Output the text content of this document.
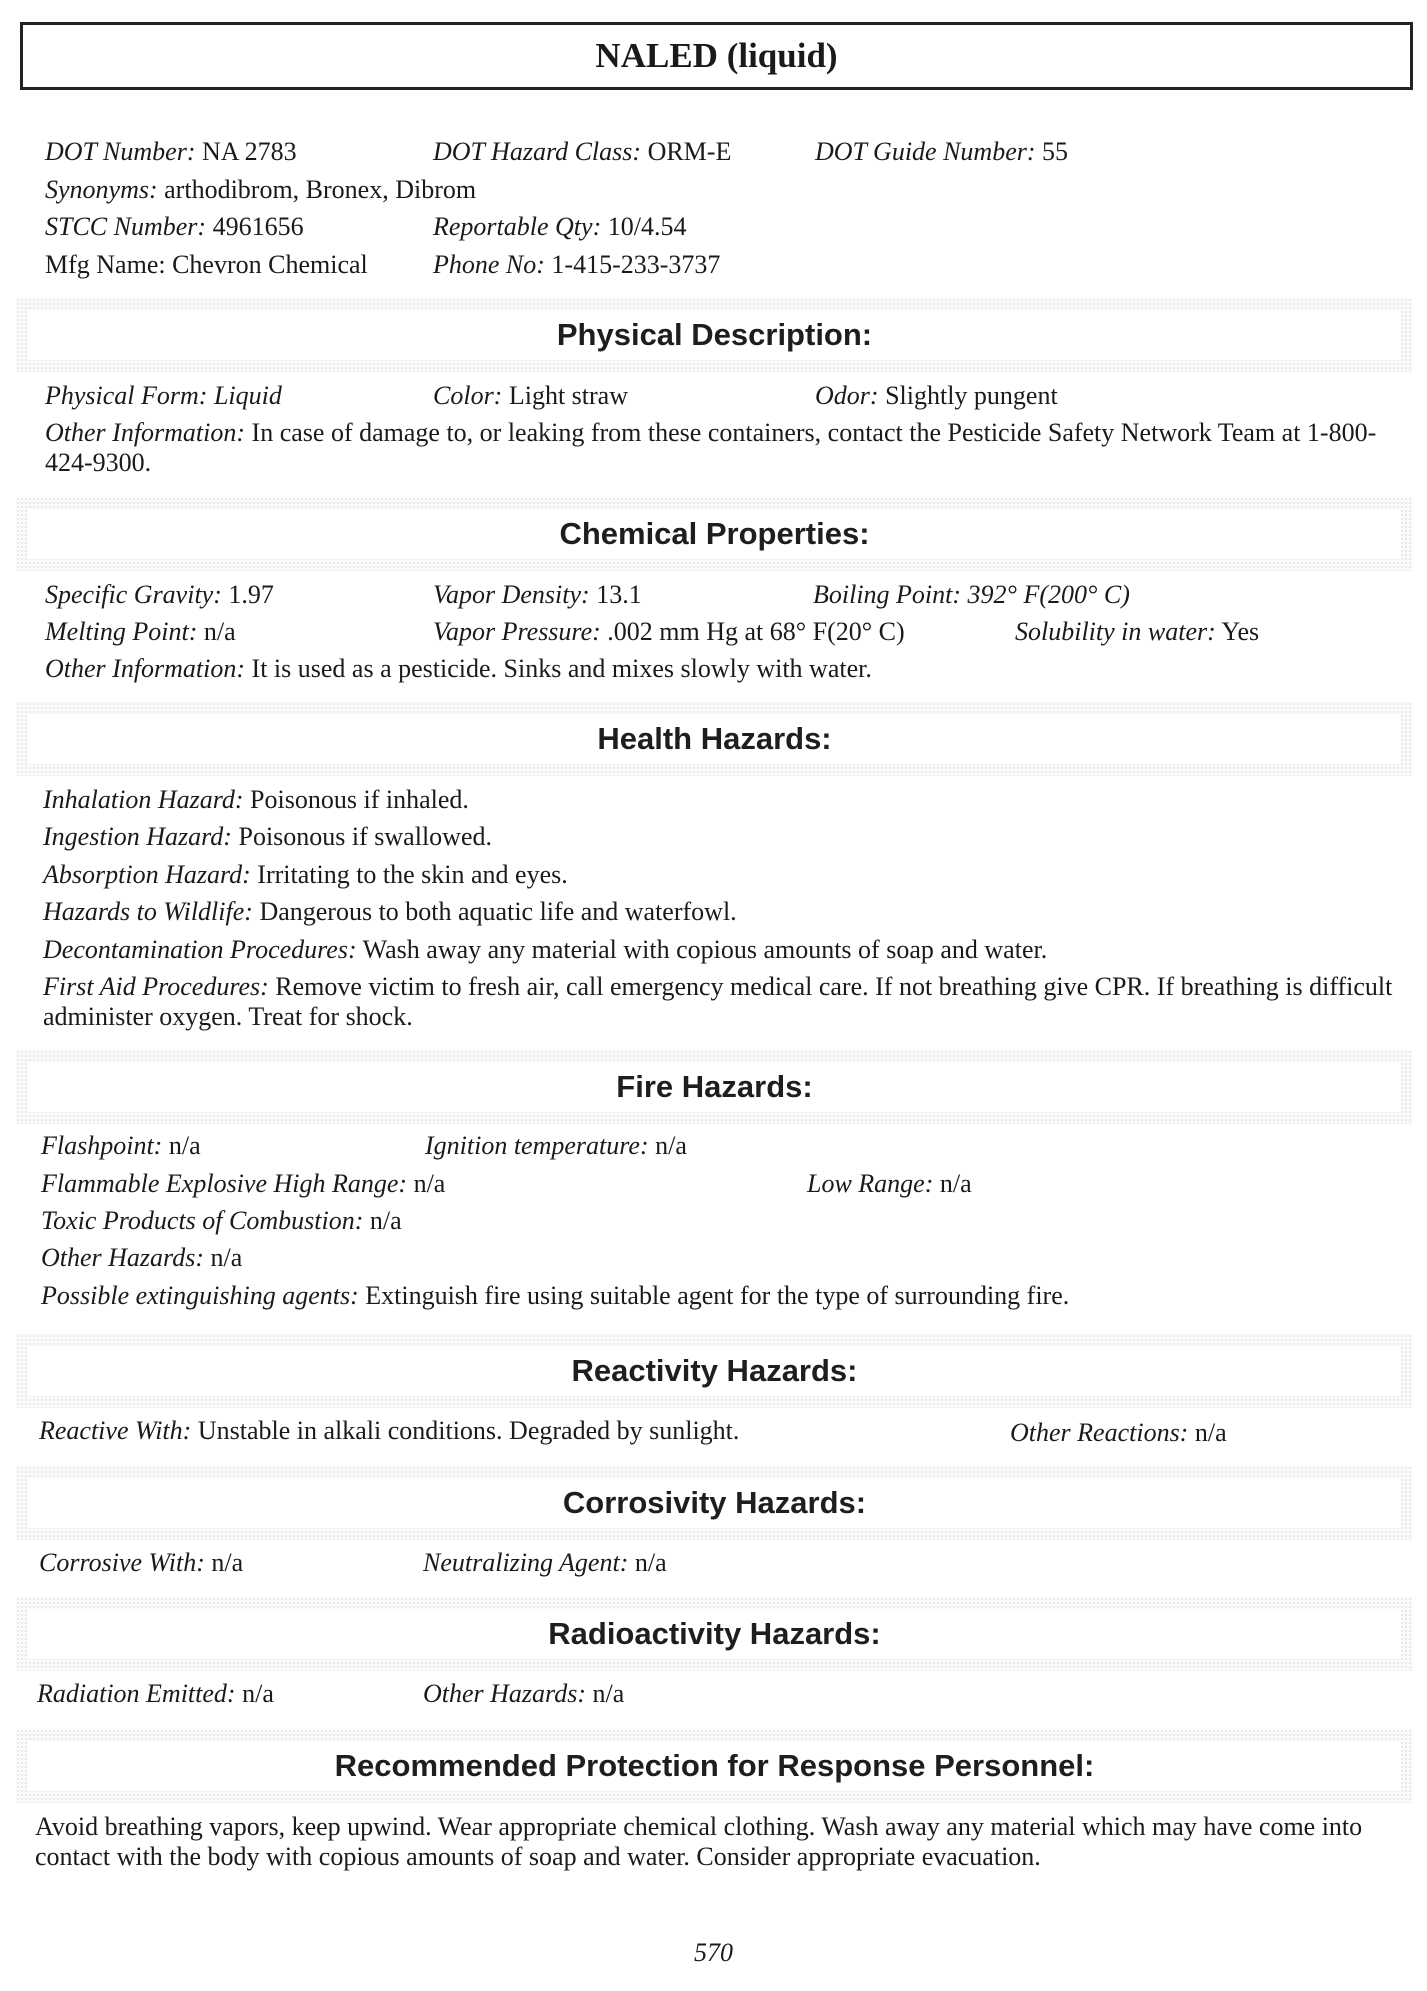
NALED (liquid)
DOT Number: NA 2783	DOT Hazard Class: ORM-E	DOT Guide Number: 55
Synonyms: arthodibrom, Bronex, Dibrom
STCC Number: 4961656	Reportable Qty: 10/4.54
Mfg Name: Chevron Chemical	Phone No: 1-415-233-3737
Physical Description:
Physical Form: Liquid	Color: Light straw	Odor: Slightly pungent
Other Information: In case of damage to, or leaking from these containers, contact the Pesticide Safety Network Team at 1-800-424-9300.
Chemical Properties:
Specific Gravity: 1.97	Vapor Density: 13.1	Boiling Point: 392° F(200° C)
Melting Point: n/a	Vapor Pressure: .002 mm Hg at 68° F(20° C)	Solubility in water: Yes
Other Information: It is used as a pesticide. Sinks and mixes slowly with water.
Health Hazards:
Inhalation Hazard: Poisonous if inhaled.
Ingestion Hazard: Poisonous if swallowed.
Absorption Hazard: Irritating to the skin and eyes.
Hazards to Wildlife: Dangerous to both aquatic life and waterfowl.
Decontamination Procedures: Wash away any material with copious amounts of soap and water.
First Aid Procedures: Remove victim to fresh air, call emergency medical care. If not breathing give CPR. If breathing is difficult administer oxygen. Treat for shock.
Fire Hazards:
Flashpoint: n/a	Ignition temperature: n/a
Flammable Explosive High Range: n/a	Low Range: n/a
Toxic Products of Combustion: n/a
Other Hazards: n/a
Possible extinguishing agents: Extinguish fire using suitable agent for the type of surrounding fire.
Reactivity Hazards:
Reactive With: Unstable in alkali conditions. Degraded by sunlight.	Other Reactions: n/a
Corrosivity Hazards:
Corrosive With: n/a	Neutralizing Agent: n/a
Radioactivity Hazards:
Radiation Emitted: n/a	Other Hazards: n/a
Recommended Protection for Response Personnel:
Avoid breathing vapors, keep upwind. Wear appropriate chemical clothing. Wash away any material which may have come into contact with the body with copious amounts of soap and water. Consider appropriate evacuation.
570
